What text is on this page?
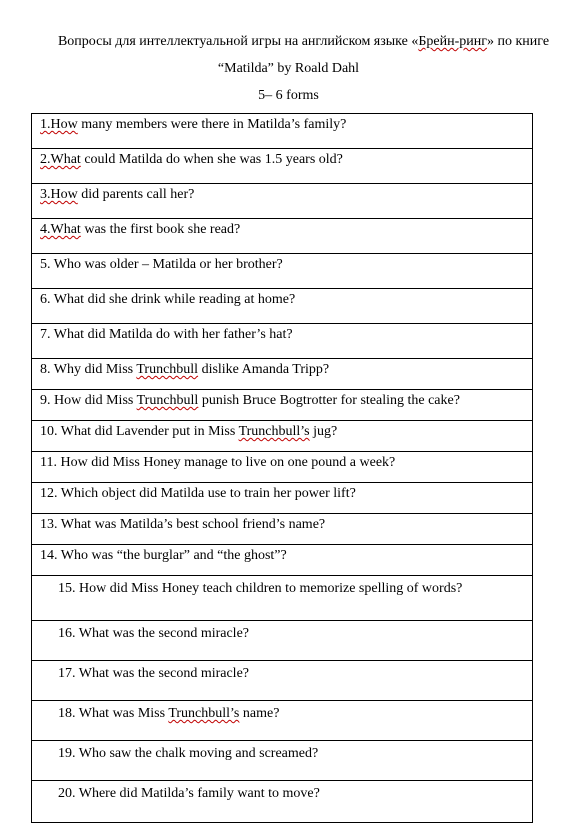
Вопросы для интеллектуальной игры на английском языке «Брейн-ринг» по книге
“Matilda” by Roald Dahl
5– 6 forms
1.How many members were there in Matilda’s family?

2.What could Matilda do when she was 1.5 years old?

3.How did parents call her?

4.What was the first book she read?

5. Who was older – Matilda or her brother?

6. What did she drink while reading at home?

7. What did Matilda do with her father’s hat?

8. Why did Miss Trunchbull dislike Amanda Tripp?

9. How did Miss Trunchbull punish Bruce Bogtrotter for stealing the cake?

10. What did Lavender put in Miss Trunchbull’s jug?

11. How did Miss Honey manage to live on one pound a week?

12. Which object did Matilda use to train her power lift?

13. What was Matilda’s best school friend’s name?

14. Who was “the burglar” and “the ghost”?

15. How did Miss Honey teach children to memorize spelling of words?

16. What was the second miracle?

17. What was the second miracle?

18. What was Miss Trunchbull’s name?

19. Who saw the chalk moving and screamed?

20. Where did Matilda’s family want to move?
